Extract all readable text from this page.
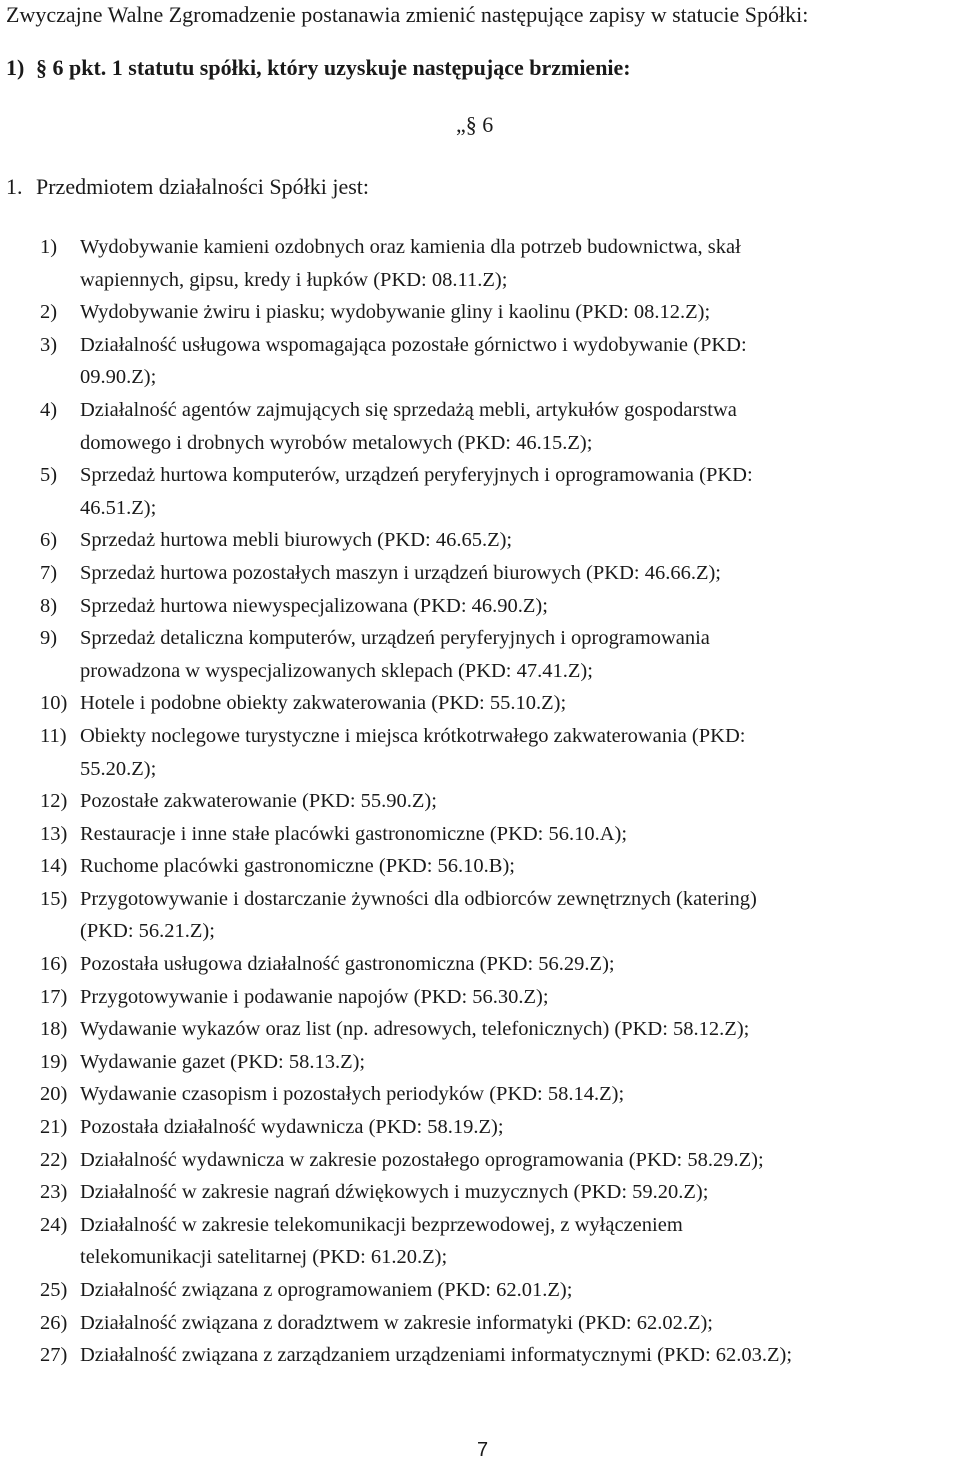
Zwyczajne Walne Zgromadzenie postanawia zmienić następujące zapisy w statucie Spółki:
1) § 6 pkt. 1 statutu spółki, który uzyskuje następujące brzmienie:
„§ 6
1. Przedmiotem działalności Spółki jest:
1)	Wydobywanie kamieni ozdobnych oraz kamienia dla potrzeb budownictwa, skał
wapiennych, gipsu, kredy i łupków (PKD: 08.11.Z);
2)	Wydobywanie żwiru i piasku; wydobywanie gliny i kaolinu (PKD: 08.12.Z);
3)	Działalność usługowa wspomagająca pozostałe górnictwo i wydobywanie (PKD:
09.90.Z);
4)	Działalność agentów zajmujących się sprzedażą mebli, artykułów gospodarstwa
domowego i drobnych wyrobów metalowych (PKD: 46.15.Z);
5)	Sprzedaż hurtowa komputerów, urządzeń peryferyjnych i oprogramowania (PKD:
46.51.Z);
6)	Sprzedaż hurtowa mebli biurowych (PKD: 46.65.Z);
7)	Sprzedaż hurtowa pozostałych maszyn i urządzeń biurowych (PKD: 46.66.Z);
8)	Sprzedaż hurtowa niewyspecjalizowana (PKD: 46.90.Z);
9)	Sprzedaż detaliczna komputerów, urządzeń peryferyjnych i oprogramowania
prowadzona w wyspecjalizowanych sklepach (PKD: 47.41.Z);
10) Hotele i podobne obiekty zakwaterowania (PKD: 55.10.Z);
11) Obiekty noclegowe turystyczne i miejsca krótkotrwałego zakwaterowania (PKD:
55.20.Z);
12) Pozostałe zakwaterowanie (PKD: 55.90.Z);
13) Restauracje i inne stałe placówki gastronomiczne (PKD: 56.10.A);
14) Ruchome placówki gastronomiczne (PKD: 56.10.B);
15) Przygotowywanie i dostarczanie żywności dla odbiorców zewnętrznych (katering)
(PKD: 56.21.Z);
16) Pozostała usługowa działalność gastronomiczna (PKD: 56.29.Z);
17) Przygotowywanie i podawanie napojów (PKD: 56.30.Z);
18) Wydawanie wykazów oraz list (np. adresowych, telefonicznych) (PKD: 58.12.Z);
19) Wydawanie gazet (PKD: 58.13.Z);
20) Wydawanie czasopism i pozostałych periodyków (PKD: 58.14.Z);
21) Pozostała działalność wydawnicza (PKD: 58.19.Z);
22) Działalność wydawnicza w zakresie pozostałego oprogramowania (PKD: 58.29.Z);
23) Działalność w zakresie nagrań dźwiękowych i muzycznych (PKD: 59.20.Z);
24) Działalność w zakresie telekomunikacji bezprzewodowej, z wyłączeniem
telekomunikacji satelitarnej (PKD: 61.20.Z);
25) Działalność związana z oprogramowaniem (PKD: 62.01.Z);
26) Działalność związana z doradztwem w zakresie informatyki (PKD: 62.02.Z);
27) Działalność związana z zarządzaniem urządzeniami informatycznymi (PKD: 62.03.Z);
7
